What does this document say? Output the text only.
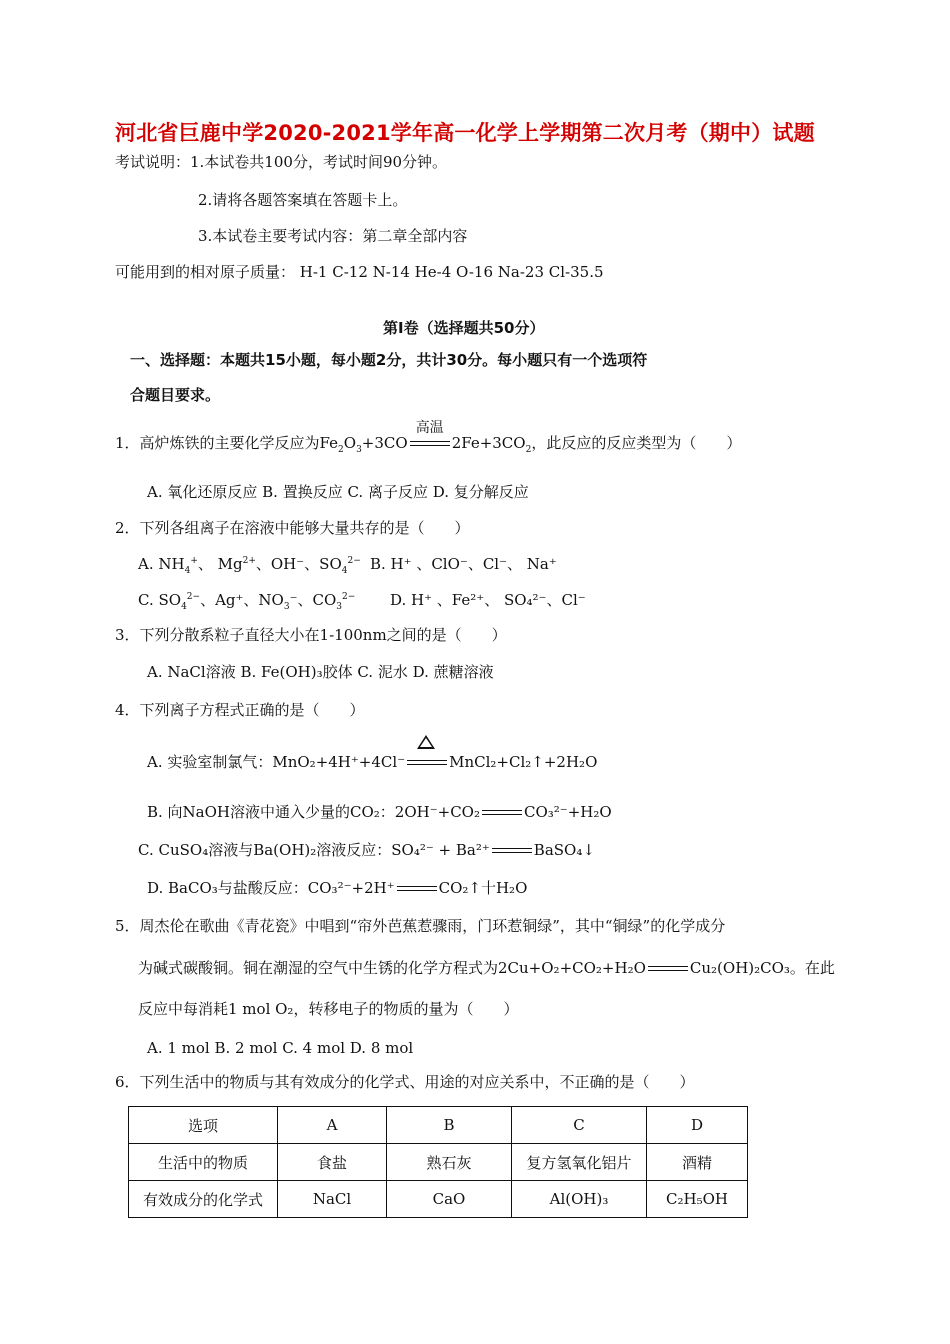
河北省巨鹿中学2020-2021学年高一化学上学期第二次月考（期中）试题
考试说明：1.本试卷共100分，考试时间90分钟。
2.请将各题答案填在答题卡上。
3.本试卷主要考试内容：第二章全部内容
可能用到的相对原子质量： H-1 C-12 N-14 He-4 O-16 Na-23 Cl-35.5
第Ⅰ卷（选择题共50分）
一、选择题：本题共15小题，每小题2分，共计30分。每小题只有一个选项符
合题目要求。
1．高炉炼铁的主要化学反应为$Fe_2O_3+3CO$
高温
$2Fe+3CO_2$，此反应的反应类型为（　　）
A. 氧化还原反应 B. 置换反应 C. 离子反应 D. 复分解反应
2．下列各组离子在溶液中能够大量共存的是（　　）
A. $NH_4^+$、 $Mg^{2+}$、OH⁻、$SO_4^{2-}$ B. H⁺ 、ClO⁻、Cl⁻、 Na⁺
C. $SO_4^{2-}$、Ag⁺、$NO_3^-$、$CO_3^{2-}$ D. H⁺ 、Fe²⁺、 SO₄²⁻、Cl⁻
3．下列分散系粒子直径大小在1-100nm之间的是（　　）
A. NaCl溶液 B. Fe(OH)₃胶体 C. 泥水 D. 蔗糖溶液
4．下列离子方程式正确的是（　　）
A. 实验室制氯气：MnO₂+4H⁺+4Cl⁻	MnCl₂+Cl₂↑+2H₂O
B. 向NaOH溶液中通入少量的CO₂：2OH⁻+CO₂	CO₃²⁻+H₂O
C. CuSO₄溶液与Ba(OH)₂溶液反应：SO₄²⁻ + Ba²⁺	BaSO₄↓
D. BaCO₃与盐酸反应：CO₃²⁻+2H⁺	CO₂↑十H₂O
5．周杰伦在歌曲《青花瓷》中唱到“帘外芭蕉惹骤雨，门环惹铜绿”，其中“铜绿”的化学成分
为碱式碳酸铜。铜在潮湿的空气中生锈的化学方程式为2Cu+O₂+CO₂+H₂O	Cu₂(OH)₂CO₃。在此
反应中每消耗1 mol O₂，转移电子的物质的量为（　　）
A. 1 mol B. 2 mol C. 4 mol D. 8 mol
6．下列生活中的物质与其有效成分的化学式、用途的对应关系中，不正确的是（　　）
选项	A	B	C	D
生活中的物质	食盐	熟石灰	复方氢氧化铝片	酒精
有效成分的化学式	NaCl	CaO	Al(OH)₃	C₂H₅OH
